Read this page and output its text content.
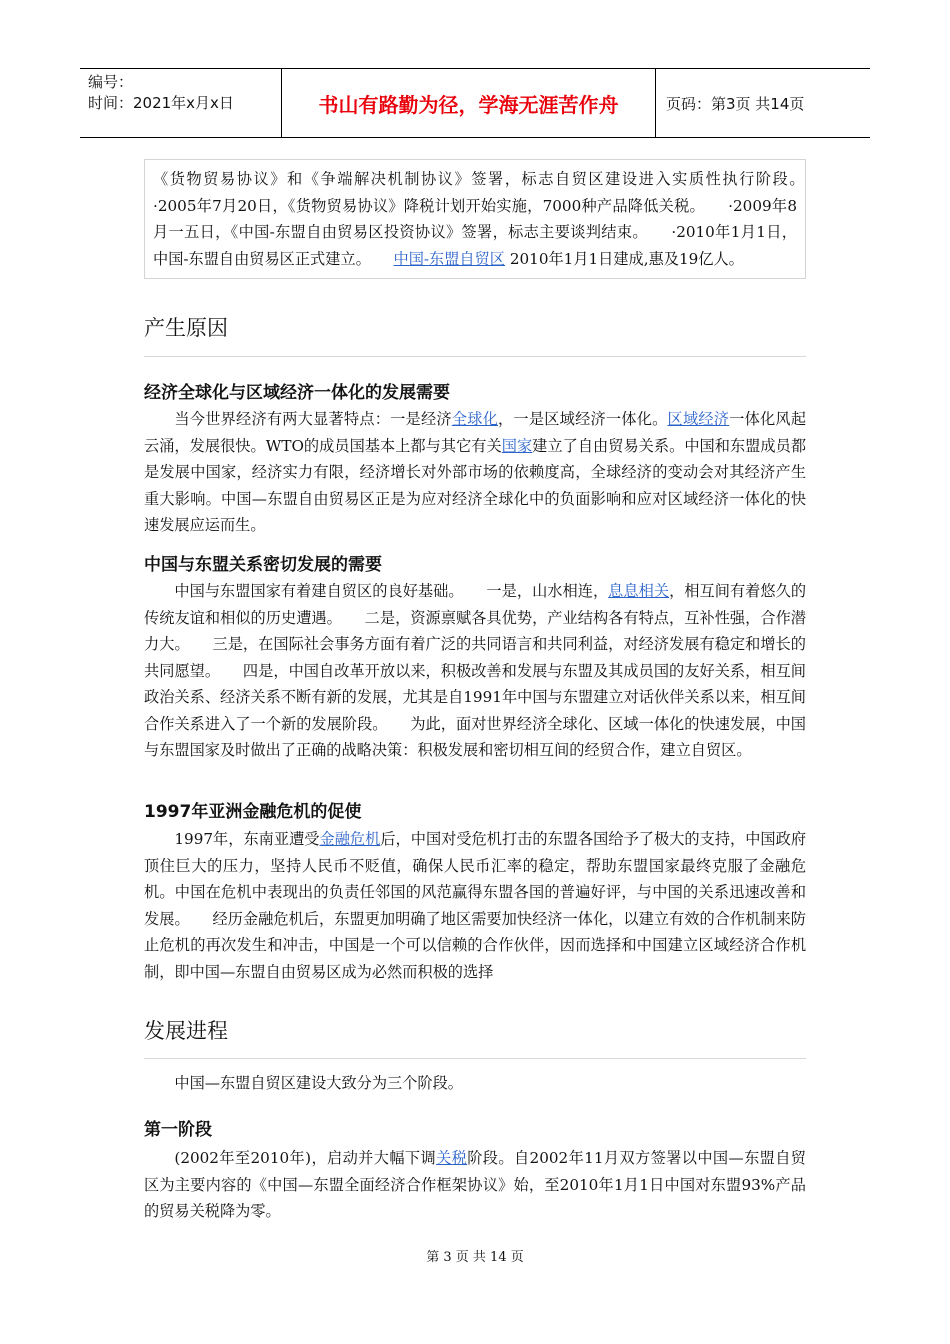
编号：
时间：2021年x月x日	书山有路勤为径，学海无涯苦作舟	页码：第3页 共14页
《货物贸易协议》和《争端解决机制协议》签署，标志自贸区建设进入实质性执行阶段。　　·2005年7月20日，《货物贸易协议》降税计划开始实施，7000种产品降低关税。　　·2009年8月一五日，《中国-东盟自由贸易区投资协议》签署，标志主要谈判结束。　　·2010年1月1日，中国-东盟自由贸易区正式建立。　　中国-东盟自贸区 2010年1月1日建成,惠及19亿人。
产生原因
经济全球化与区域经济一体化的发展需要

当今世界经济有两大显著特点：一是经济全球化，一是区域经济一体化。区域经济一体化风起云涌，发展很快。WTO的成员国基本上都与其它有关国家建立了自由贸易关系。中国和东盟成员都是发展中国家，经济实力有限，经济增长对外部市场的依赖度高，全球经济的变动会对其经济产生重大影响。中国—东盟自由贸易区正是为应对经济全球化中的负面影响和应对区域经济一体化的快速发展应运而生。

中国与东盟关系密切发展的需要

中国与东盟国家有着建自贸区的良好基础。　　一是，山水相连，息息相关，相互间有着悠久的传统友谊和相似的历史遭遇。　　二是，资源禀赋各具优势，产业结构各有特点，互补性强，合作潜力大。　　三是，在国际社会事务方面有着广泛的共同语言和共同利益，对经济发展有稳定和增长的共同愿望。　　四是，中国自改革开放以来，积极改善和发展与东盟及其成员国的友好关系，相互间政治关系、经济关系不断有新的发展，尤其是自1991年中国与东盟建立对话伙伴关系以来，相互间合作关系进入了一个新的发展阶段。　　为此，面对世界经济全球化、区域一体化的快速发展，中国与东盟国家及时做出了正确的战略决策：积极发展和密切相互间的经贸合作，建立自贸区。

1997年亚洲金融危机的促使

1997年，东南亚遭受金融危机后，中国对受危机打击的东盟各国给予了极大的支持，中国政府顶住巨大的压力，坚持人民币不贬值，确保人民币汇率的稳定，帮助东盟国家最终克服了金融危机。中国在危机中表现出的负责任邻国的风范赢得东盟各国的普遍好评，与中国的关系迅速改善和发展。　　经历金融危机后，东盟更加明确了地区需要加快经济一体化，以建立有效的合作机制来防止危机的再次发生和冲击，中国是一个可以信赖的合作伙伴，因而选择和中国建立区域经济合作机制，即中国—东盟自由贸易区成为必然而积极的选择

发展进程

中国—东盟自贸区建设大致分为三个阶段。

第一阶段

(2002年至2010年)，启动并大幅下调关税阶段。自2002年11月双方签署以中国—东盟自贸区为主要内容的《中国—东盟全面经济合作框架协议》始，至2010年1月1日中国对东盟93%产品的贸易关税降为零。

第 3 页 共 14 页
